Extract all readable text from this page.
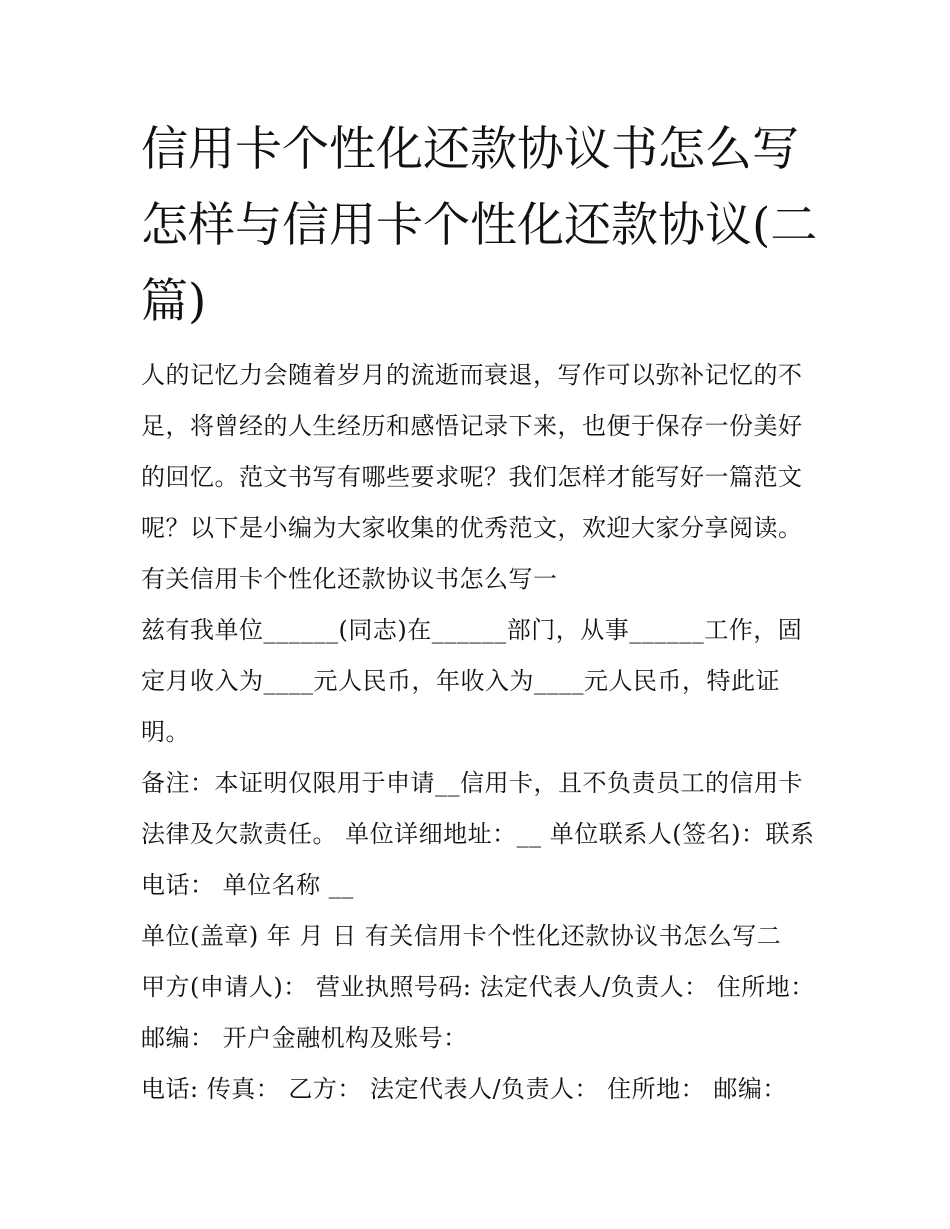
信用卡个性化还款协议书怎么写 怎样与信用卡个性化还款协议(二篇)

人的记忆力会随着岁月的流逝而衰退，写作可以弥补记忆的不足，将曾经的人生经历和感悟记录下来，也便于保存一份美好的回忆。范文书写有哪些要求呢？我们怎样才能写好一篇范文呢？以下是小编为大家收集的优秀范文，欢迎大家分享阅读。

有关信用卡个性化还款协议书怎么写一

兹有我单位______(同志)在______部门，从事______工作，固定月收入为____元人民币，年收入为____元人民币，特此证明。

备注：本证明仅限用于申请__信用卡，且不负责员工的信用卡法律及欠款责任。 单位详细地址：__ 单位联系人(签名)：联系电话： 单位名称 __

单位(盖章) 年 月 日 有关信用卡个性化还款协议书怎么写二

甲方(申请人)： 营业执照号码: 法定代表人/负责人： 住所地： 邮编： 开户金融机构及账号：

电话: 传真： 乙方： 法定代表人/负责人： 住所地： 邮编：
